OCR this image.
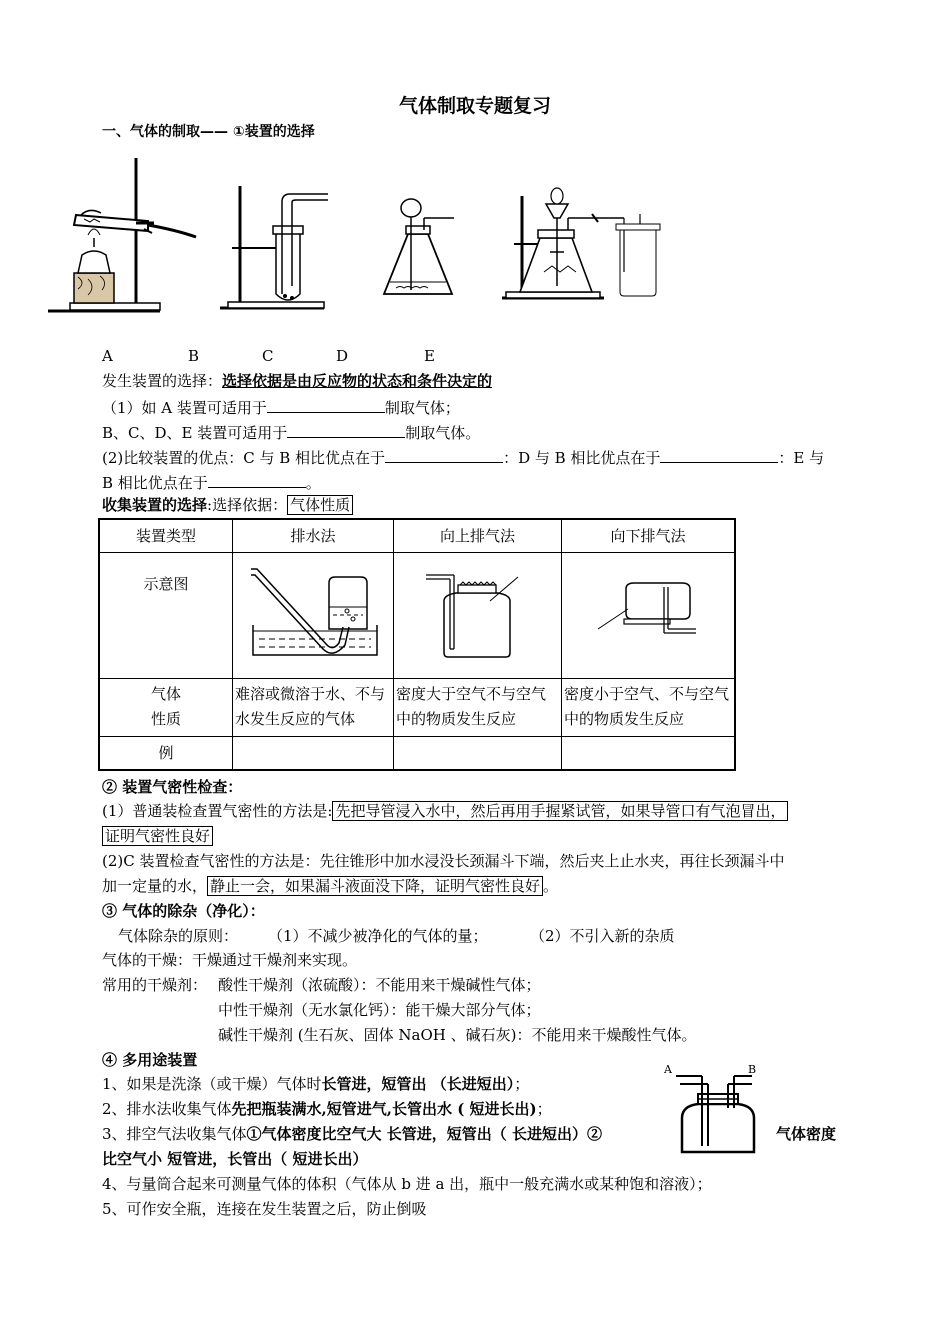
气体制取专题复习
一、气体的制取—— ①装置的选择
A	B	C	D	E
发生装置的选择：选择依据是由反应物的状态和条件决定的
（1）如 A 装置可适用于	制取气体；
B、C、D、E 装置可适用于	制取气体。
(2)比较装置的优点：C 与 B 相比优点在于	：D 与 B 相比优点在于	：E 与
B 相比优点在于	。
收集装置的选择:选择依据： 气体性质
装置类型	排水法	向上排气法	向下排气法
示意图			
气体
性质	难溶或微溶于水、不与水发生反应的气体	密度大于空气不与空气中的物质发生反应	密度小于空气、不与空气中的物质发生反应
例			
② 装置气密性检查：
(1）普通装检查置气密性的方法是: 先把导管浸入水中，然后再用手握紧试管，如果导管口有气泡冒出，
证明气密性良好
(2)C 装置检查气密性的方法是：先往锥形中加水浸没长颈漏斗下端，然后夹上止水夹，再往长颈漏斗中
加一定量的水， 静止一会，如果漏斗液面没下降，证明气密性良好 。
③ 气体的除杂（净化）：
气体除杂的原则： （1）不减少被净化的气体的量；	（2）不引入新的杂质
气体的干燥：干燥通过干燥剂来实现。
常用的干燥剂： 酸性干燥剂（浓硫酸）：不能用来干燥碱性气体；
中性干燥剂（无水氯化钙）：能干燥大部分气体；
碱性干燥剂 (生石灰、固体 NaOH 、碱石灰)：不能用来干燥酸性气体。
④ 多用途装置
A	B
1、如果是洗涤（或干燥）气体时长管进，短管出 （长进短出）；
2、排水法收集气体先把瓶装满水,短管进气,长管出水 ( 短进长出)；
3、排空气法收集气体①气体密度比空气大 长管进，短管出（ 长进短出）②	气体密度
比空气小 短管进，长管出（ 短进长出）
4、与量筒合起来可测量气体的体积（气体从 b 进 a 出，瓶中一般充满水或某种饱和溶液）；
5、可作安全瓶，连接在发生装置之后，防止倒吸
